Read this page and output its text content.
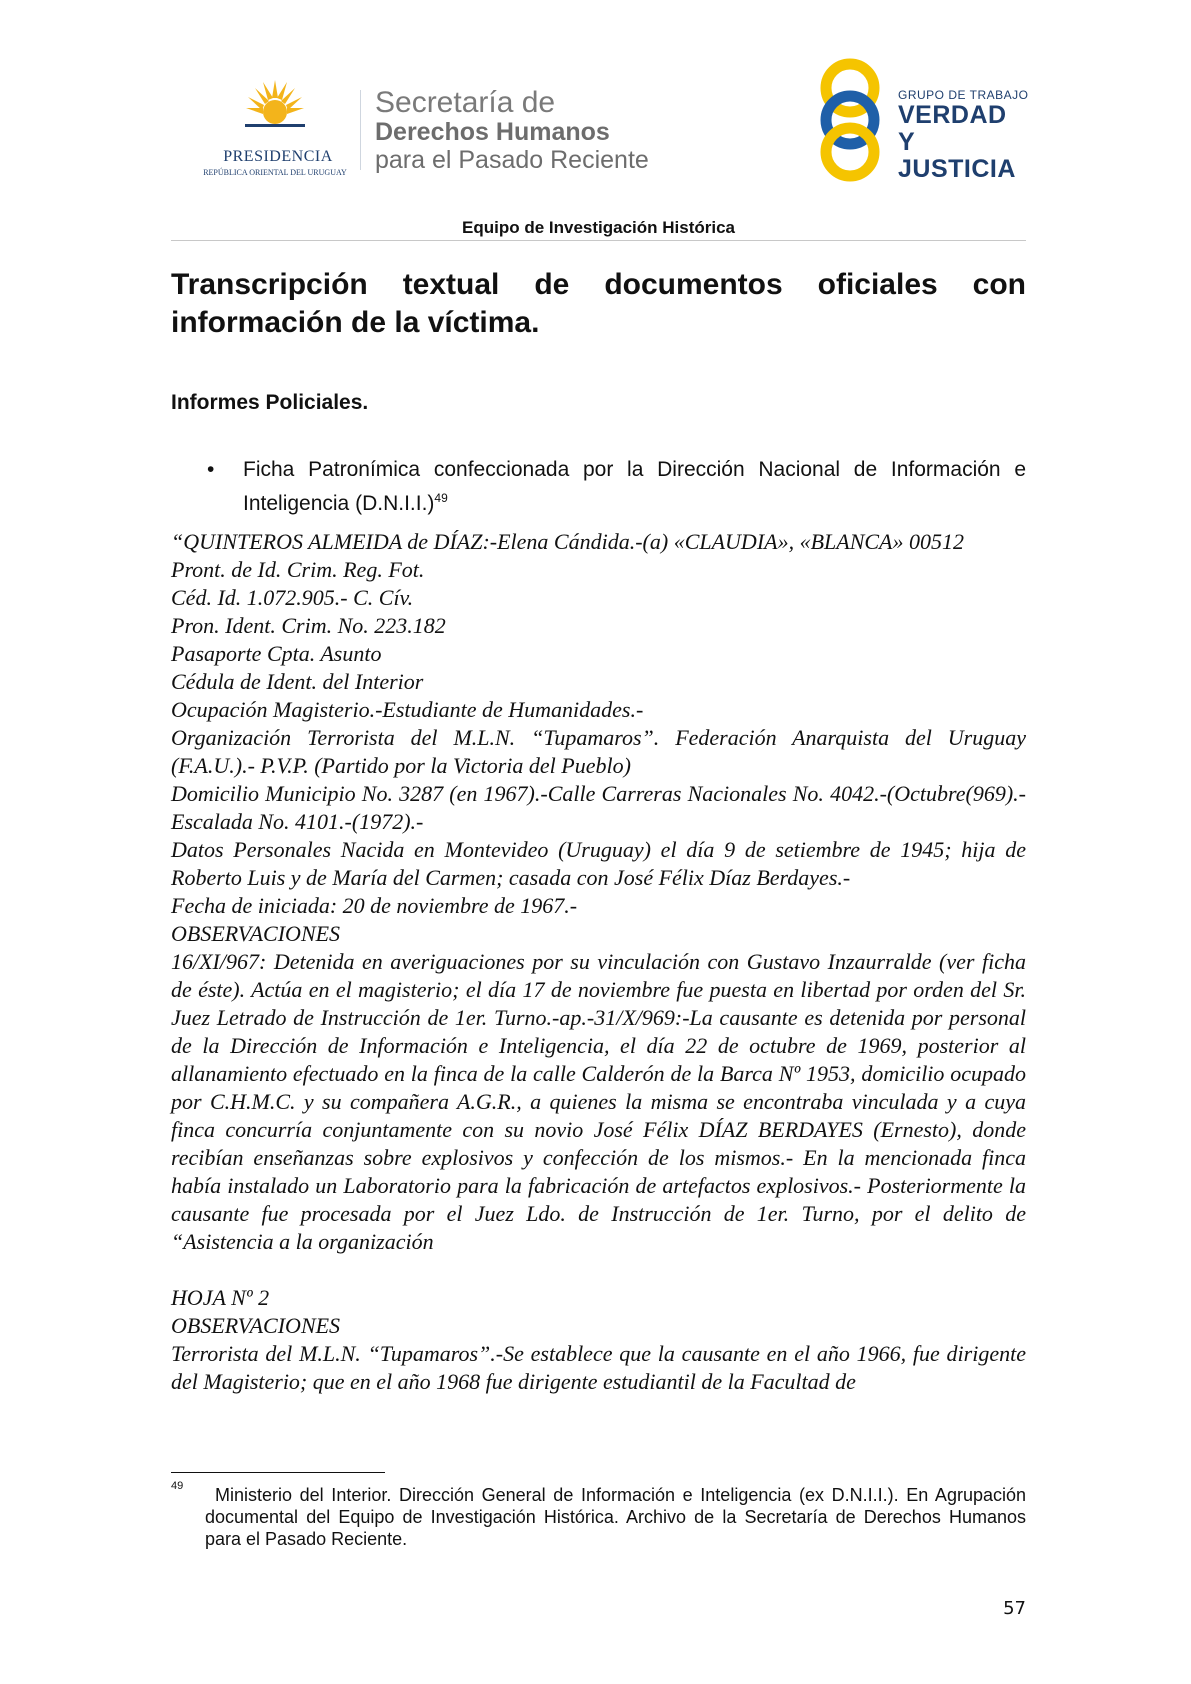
PRESIDENCIA
REPÚBLICA ORIENTAL DEL URUGUAY
Secretaría de
Derechos Humanos
para el Pasado Reciente
GRUPO DE TRABAJO
VERDAD Y
JUSTICIA
Equipo de Investigación Histórica
Transcripción textual de documentos oficiales con información de la víctima.
Informes Policiales.
• Ficha Patronímica confeccionada por la Dirección Nacional de Información e Inteligencia $(D.N.I.I.)^{49}$

“QUINTEROS ALMEIDA de DÍAZ:-Elena Cándida.-(a) «CLAUDIA», «BLANCA» 00512

Pront. de Id. Crim. Reg. Fot.

Céd. Id. 1.072.905.- C. Cív.

Pron. Ident. Crim. No. 223.182

Pasaporte Cpta. Asunto

Cédula de Ident. del Interior

Ocupación Magisterio.-Estudiante de Humanidades.-

Organización Terrorista del M.L.N. “Tupamaros”. Federación Anarquista del Uruguay (F.A.U.).- P.V.P. (Partido por la Victoria del Pueblo)

Domicilio Municipio No. 3287 (en 1967).-Calle Carreras Nacionales No. 4042.-(Octubre(969).- Escalada No. 4101.-(1972).-

Datos Personales Nacida en Montevideo (Uruguay) el día 9 de setiembre de 1945; hija de Roberto Luis y de María del Carmen; casada con José Félix Díaz Berdayes.-

Fecha de iniciada: 20 de noviembre de 1967.-

OBSERVACIONES

16/XI/967: Detenida en averiguaciones por su vinculación con Gustavo Inzaurralde (ver ficha de éste). Actúa en el magisterio; el día 17 de noviembre fue puesta en libertad por orden del Sr. Juez Letrado de Instrucción de 1er. Turno.-ap.-31/X/969:-La causante es detenida por personal de la Dirección de Información e Inteligencia, el día 22 de octubre de 1969, posterior al allanamiento efectuado en la finca de la calle Calderón de la Barca Nº 1953, domicilio ocupado por C.H.M.C. y su compañera A.G.R., a quienes la misma se encontraba vinculada y a cuya finca concurría conjuntamente con su novio José Félix DÍAZ BERDAYES (Ernesto), donde recibían enseñanzas sobre explosivos y confección de los mismos.- En la mencionada finca había instalado un Laboratorio para la fabricación de artefactos explosivos.- Posteriormente la causante fue procesada por el Juez Ldo. de Instrucción de 1er. Turno, por el delito de “Asistencia a la organización

HOJA Nº 2

OBSERVACIONES

Terrorista del M.L.N. “Tupamaros”.-Se establece que la causante en el año 1966, fue dirigente del Magisterio; que en el año 1968 fue dirigente estudiantil de la Facultad de

49	Ministerio del Interior. Dirección General de Información e Inteligencia (ex D.N.I.I.). En Agrupación documental del Equipo de Investigación Histórica. Archivo de la Secretaría de Derechos Humanos para el Pasado Reciente.
57
